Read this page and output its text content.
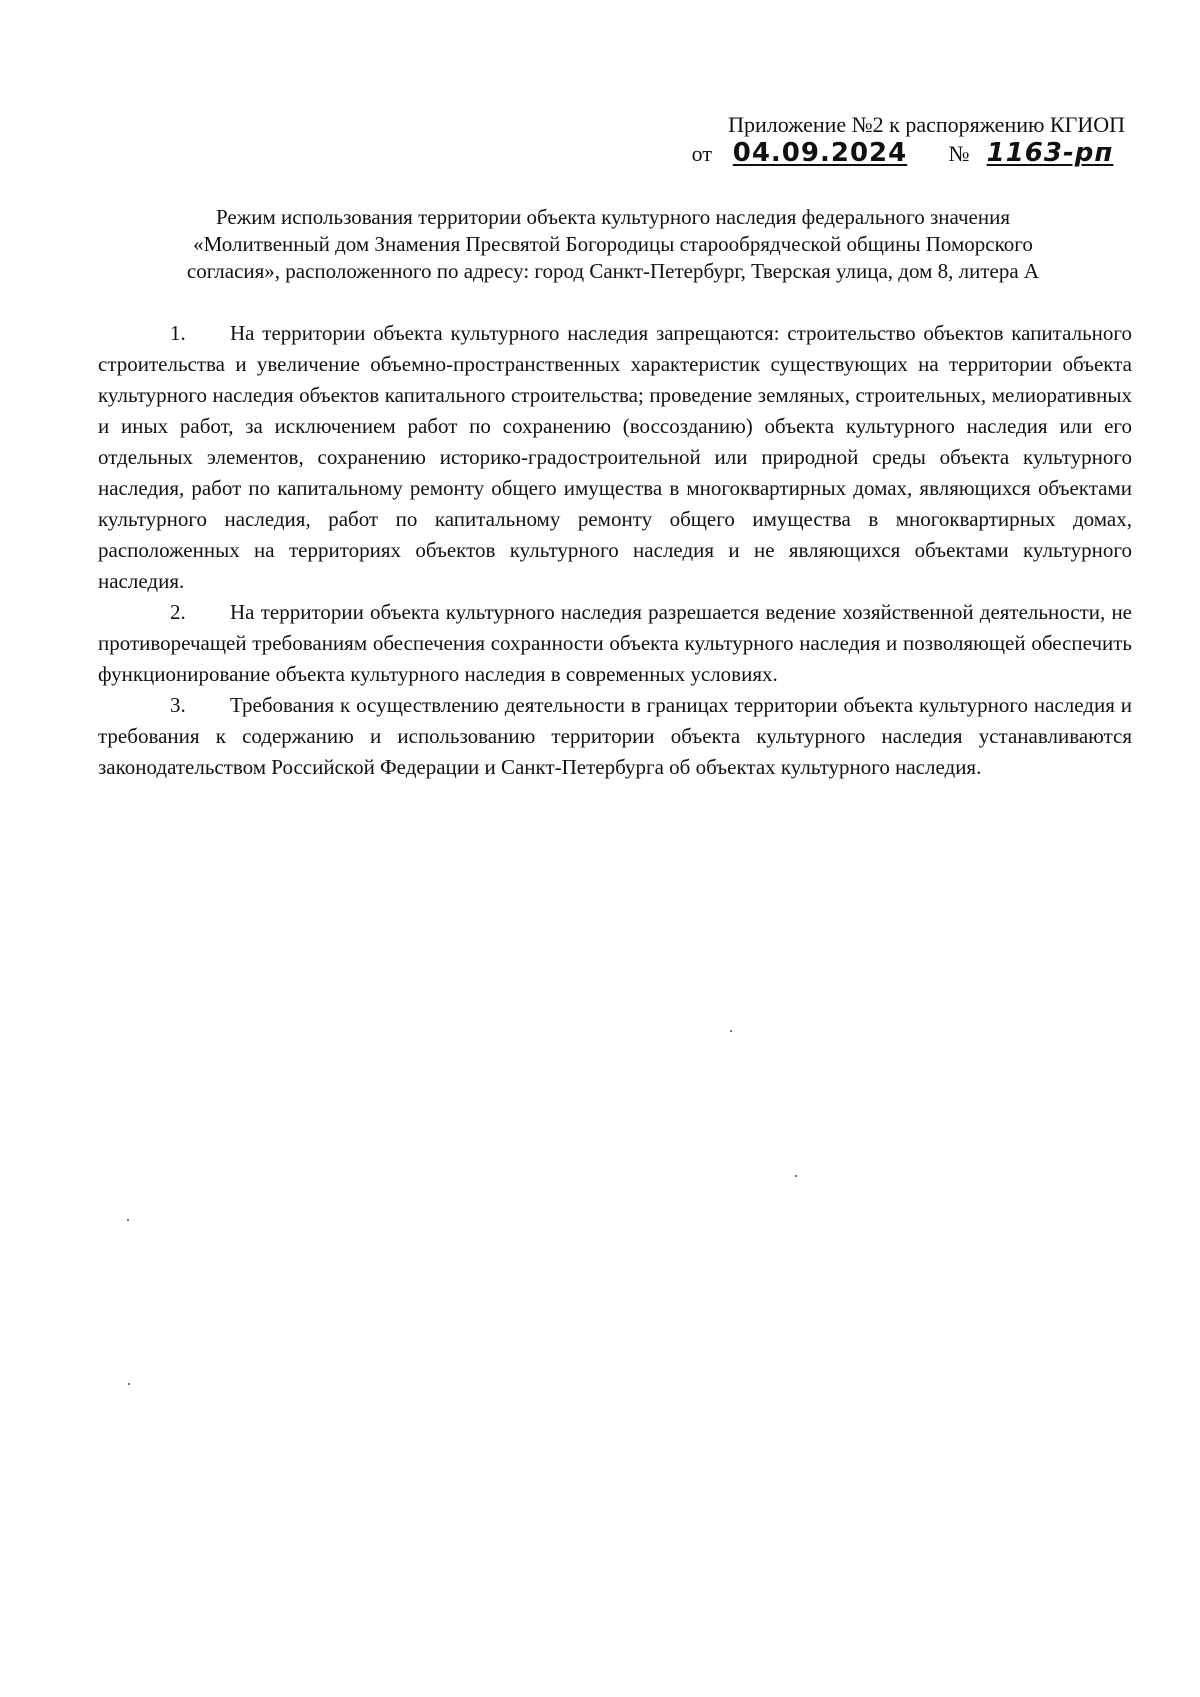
Приложение №2 к распоряжению КГИОП
от 04.09.2024 № 1163-рп
Режим использования территории объекта культурного наследия федерального значения
«Молитвенный дом Знамения Пресвятой Богородицы старообрядческой общины Поморского
согласия», расположенного по адресу: город Санкт-Петербург, Тверская улица, дом 8, литера А

1. На территории объекта культурного наследия запрещаются: строительство объектов капитального строительства и увеличение объемно-пространственных характеристик существующих на территории объекта культурного наследия объектов капитального строительства; проведение земляных, строительных, мелиоративных и иных работ, за исключением работ по сохранению (воссозданию) объекта культурного наследия или его отдельных элементов, сохранению историко-градостроительной или природной среды объекта культурного наследия, работ по капитальному ремонту общего имущества в многоквартирных домах, являющихся объектами культурного наследия, работ по капитальному ремонту общего имущества в многоквартирных домах, расположенных на территориях объектов культурного наследия и не являющихся объектами культурного наследия.

2. На территории объекта культурного наследия разрешается ведение хозяйственной деятельности, не противоречащей требованиям обеспечения сохранности объекта культурного наследия и позволяющей обеспечить функционирование объекта культурного наследия в современных условиях.

3. Требования к осуществлению деятельности в границах территории объекта культурного наследия и требования к содержанию и использованию территории объекта культурного наследия устанавливаются законодательством Российской Федерации и Санкт-Петербурга об объектах культурного наследия.
